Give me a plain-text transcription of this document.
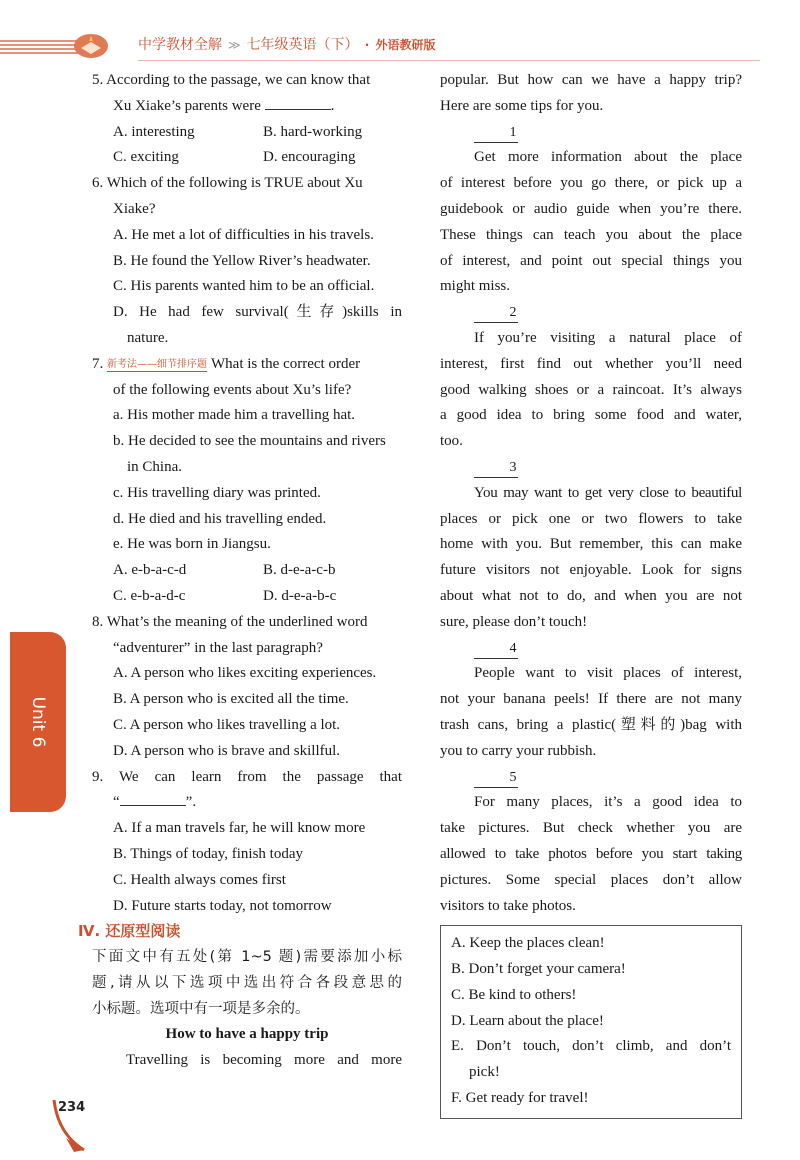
中学教材全解 ≫ 七年级英语（下） · 外语教研版
Unit 6
5. According to the passage, we can know that
Xu Xiake’s parents were	.
A. interesting	B. hard-working
C. exciting	D. encouraging
6. Which of the following is TRUE about Xu
Xiake?
A. He met a lot of difficulties in his travels.
B. He found the Yellow River’s headwater.
C. His parents wanted him to be an official.
D. He had few survival(生存)skills in
nature.
7. 新考法——细节排序题 What is the correct order
of the following events about Xu’s life?
a. His mother made him a travelling hat.
b. He decided to see the mountains and rivers
in China.
c. His travelling diary was printed.
d. He died and his travelling ended.
e. He was born in Jiangsu.
A. e-b-a-c-d	B. d-e-a-c-b
C. e-b-a-d-c	D. d-e-a-b-c
8. What’s the meaning of the underlined word
“adventurer” in the last paragraph?
A. A person who likes exciting experiences.
B. A person who is excited all the time.
C. A person who likes travelling a lot.
D. A person who is brave and skillful.
9. We can learn from the passage that
“	”.
A. If a man travels far, he will know more
B. Things of today, finish today
C. Health always comes first
D. Future starts today, not tomorrow
Ⅳ. 还原型阅读
下面文中有五处(第 1~5 题)需要添加小标
题,请从以下选项中选出符合各段意思的
小标题。选项中有一项是多余的。
How to have a happy trip
Travelling is becoming more and more
popular. But how can we have a happy trip?
Here are some tips for you.
1
Get more information about the place
of interest before you go there, or pick up a
guidebook or audio guide when you’re there.
These things can teach you about the place
of interest, and point out special things you
might miss.
2
If you’re visiting a natural place of
interest, first find out whether you’ll need
good walking shoes or a raincoat. It’s always
a good idea to bring some food and water,
too.
3
You may want to get very close to beautiful
places or pick one or two flowers to take
home with you. But remember, this can make
future visitors not enjoyable. Look for signs
about what not to do, and when you are not
sure, please don’t touch!
4
People want to visit places of interest,
not your banana peels! If there are not many
trash cans, bring a plastic(塑料的)bag with
you to carry your rubbish.
5
For many places, it’s a good idea to
take pictures. But check whether you are
allowed to take photos before you start taking
pictures. Some special places don’t allow
visitors to take photos.
A. Keep the places clean!
B. Don’t forget your camera!
C. Be kind to others!
D. Learn about the place!
E. Don’t touch, don’t climb, and don’t
pick!
F. Get ready for travel!
234
